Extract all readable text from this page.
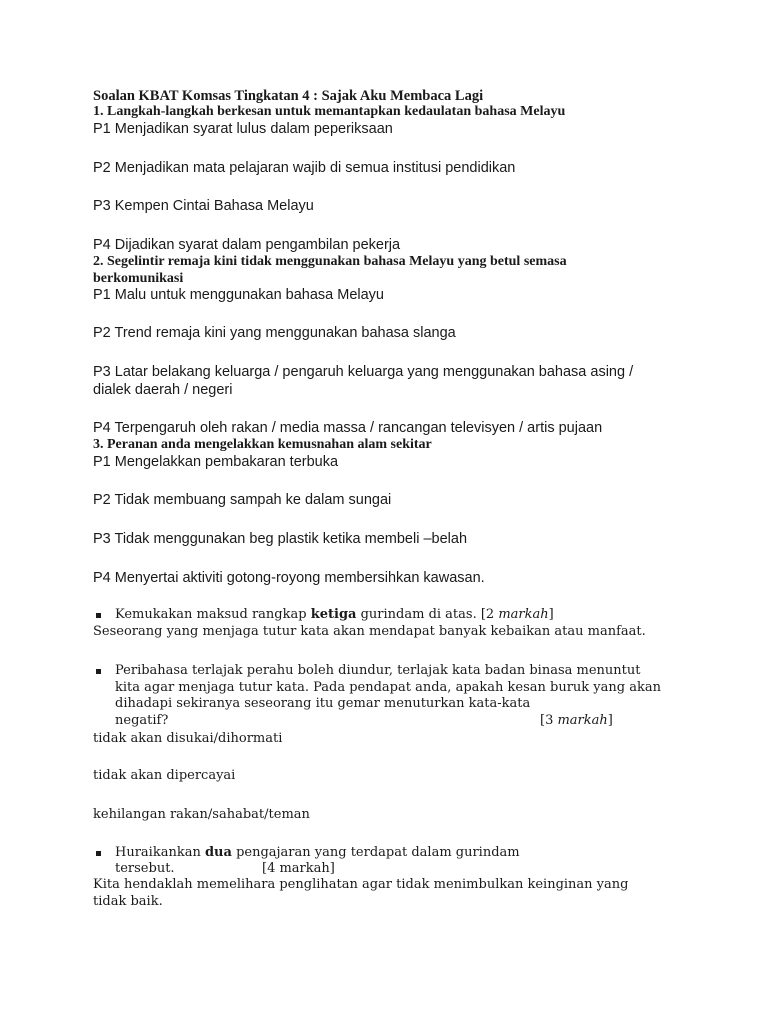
Soalan KBAT Komsas Tingkatan 4 : Sajak Aku Membaca Lagi
1. Langkah-langkah berkesan untuk memantapkan kedaulatan bahasa Melayu
P1 Menjadikan syarat lulus dalam peperiksaan
P2 Menjadikan mata pelajaran wajib di semua institusi pendidikan
P3 Kempen Cintai Bahasa Melayu
P4 Dijadikan syarat dalam pengambilan pekerja
2. Segelintir remaja kini tidak menggunakan bahasa Melayu yang betul semasa
berkomunikasi
P1 Malu untuk menggunakan bahasa Melayu
P2 Trend remaja kini yang menggunakan bahasa slanga
P3 Latar belakang keluarga / pengaruh keluarga yang menggunakan bahasa asing /
dialek daerah / negeri
P4 Terpengaruh oleh rakan / media massa / rancangan televisyen / artis pujaan
3. Peranan anda mengelakkan kemusnahan alam sekitar
P1 Mengelakkan pembakaran terbuka
P2 Tidak membuang sampah ke dalam sungai
P3 Tidak menggunakan beg plastik ketika membeli –belah
P4 Menyertai aktiviti gotong-royong membersihkan kawasan.
Kemukakan maksud rangkap ketiga gurindam di atas. [2 markah]
Seseorang yang menjaga tutur kata akan mendapat banyak kebaikan atau manfaat.
Peribahasa terlajak perahu boleh diundur, terlajak kata badan binasa menuntut
kita agar menjaga tutur kata. Pada pendapat anda, apakah kesan buruk yang akan
dihadapi sekiranya seseorang itu gemar menuturkan kata-kata
negatif?	[3 markah]
tidak akan disukai/dihormati
tidak akan dipercayai
kehilangan rakan/sahabat/teman
Huraikankan dua pengajaran yang terdapat dalam gurindam
tersebut.	[4 markah]
Kita hendaklah memelihara penglihatan agar tidak menimbulkan keinginan yang
tidak baik.
